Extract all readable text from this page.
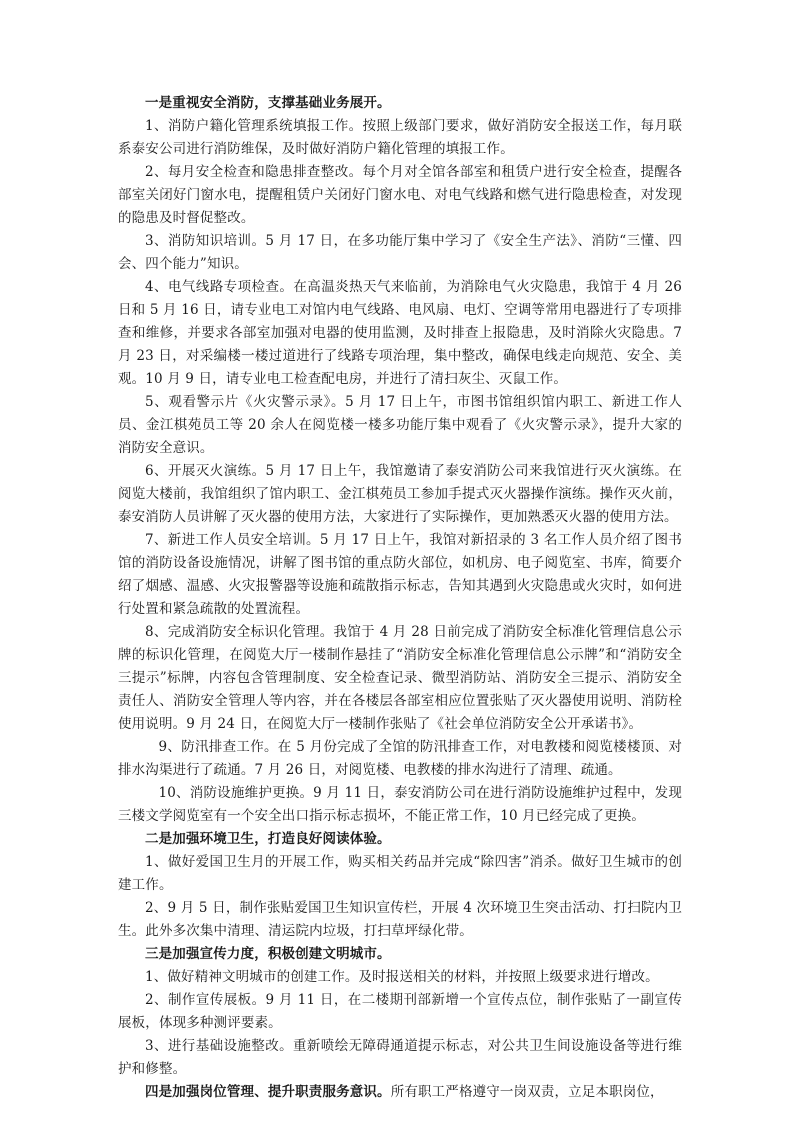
一是重视安全消防，支撑基础业务展开。

1、消防户籍化管理系统填报工作。按照上级部门要求，做好消防安全报送工作，每月联系泰安公司进行消防维保，及时做好消防户籍化管理的填报工作。

2、每月安全检查和隐患排查整改。每个月对全馆各部室和租赁户进行安全检查，提醒各部室关闭好门窗水电，提醒租赁户关闭好门窗水电、对电气线路和燃气进行隐患检查，对发现的隐患及时督促整改。

3、消防知识培训。5 月 17 日，在多功能厅集中学习了《安全生产法》、消防“三懂、四会、四个能力”知识。

4、电气线路专项检查。在高温炎热天气来临前，为消除电气火灾隐患，我馆于 4 月 26 日和 5 月 16 日，请专业电工对馆内电气线路、电风扇、电灯、空调等常用电器进行了专项排查和维修，并要求各部室加强对电器的使用监测，及时排查上报隐患，及时消除火灾隐患。7 月 23 日，对采编楼一楼过道进行了线路专项治理，集中整改，确保电线走向规范、安全、美观。10 月 9 日，请专业电工检查配电房，并进行了清扫灰尘、灭鼠工作。

5、观看警示片《火灾警示录》。5 月 17 日上午，市图书馆组织馆内职工、新进工作人员、金江棋苑员工等 20 余人在阅览楼一楼多功能厅集中观看了《火灾警示录》，提升大家的消防安全意识。

6、开展灭火演练。5 月 17 日上午，我馆邀请了泰安消防公司来我馆进行灭火演练。在阅览大楼前，我馆组织了馆内职工、金江棋苑员工参加手提式灭火器操作演练。操作灭火前，泰安消防人员讲解了灭火器的使用方法，大家进行了实际操作，更加熟悉灭火器的使用方法。

7、新进工作人员安全培训。5 月 17 日上午，我馆对新招录的 3 名工作人员介绍了图书馆的消防设备设施情况，讲解了图书馆的重点防火部位，如机房、电子阅览室、书库，简要介绍了烟感、温感、火灾报警器等设施和疏散指示标志，告知其遇到火灾隐患或火灾时，如何进行处置和紧急疏散的处置流程。

8、完成消防安全标识化管理。我馆于 4 月 28 日前完成了消防安全标准化管理信息公示牌的标识化管理，在阅览大厅一楼制作悬挂了“消防安全标准化管理信息公示牌”和“消防安全三提示”标牌，内容包含管理制度、安全检查记录、微型消防站、消防安全三提示、消防安全责任人、消防安全管理人等内容，并在各楼层各部室相应位置张贴了灭火器使用说明、消防栓使用说明。9 月 24 日，在阅览大厅一楼制作张贴了《社会单位消防安全公开承诺书》。

9、防汛排查工作。在 5 月份完成了全馆的防汛排查工作，对电教楼和阅览楼楼顶、对排水沟渠进行了疏通。7 月 26 日，对阅览楼、电教楼的排水沟进行了清理、疏通。

10、消防设施维护更换。9 月 11 日，泰安消防公司在进行消防设施维护过程中，发现三楼文学阅览室有一个安全出口指示标志损坏，不能正常工作，10 月已经完成了更换。

二是加强环境卫生，打造良好阅读体验。

1、做好爱国卫生月的开展工作，购买相关药品并完成“除四害”消杀。做好卫生城市的创建工作。

2、9 月 5 日，制作张贴爱国卫生知识宣传栏，开展 4 次环境卫生突击活动、打扫院内卫生。此外多次集中清理、清运院内垃圾，打扫草坪绿化带。

三是加强宣传力度，积极创建文明城市。

1、做好精神文明城市的创建工作。及时报送相关的材料，并按照上级要求进行增改。

2、制作宣传展板。9 月 11 日，在二楼期刊部新增一个宣传点位，制作张贴了一副宣传展板，体现多种测评要素。

3、进行基础设施整改。重新喷绘无障碍通道提示标志，对公共卫生间设施设备等进行维护和修整。

四是加强岗位管理、提升职责服务意识。所有职工严格遵守一岗双责，立足本职岗位，
